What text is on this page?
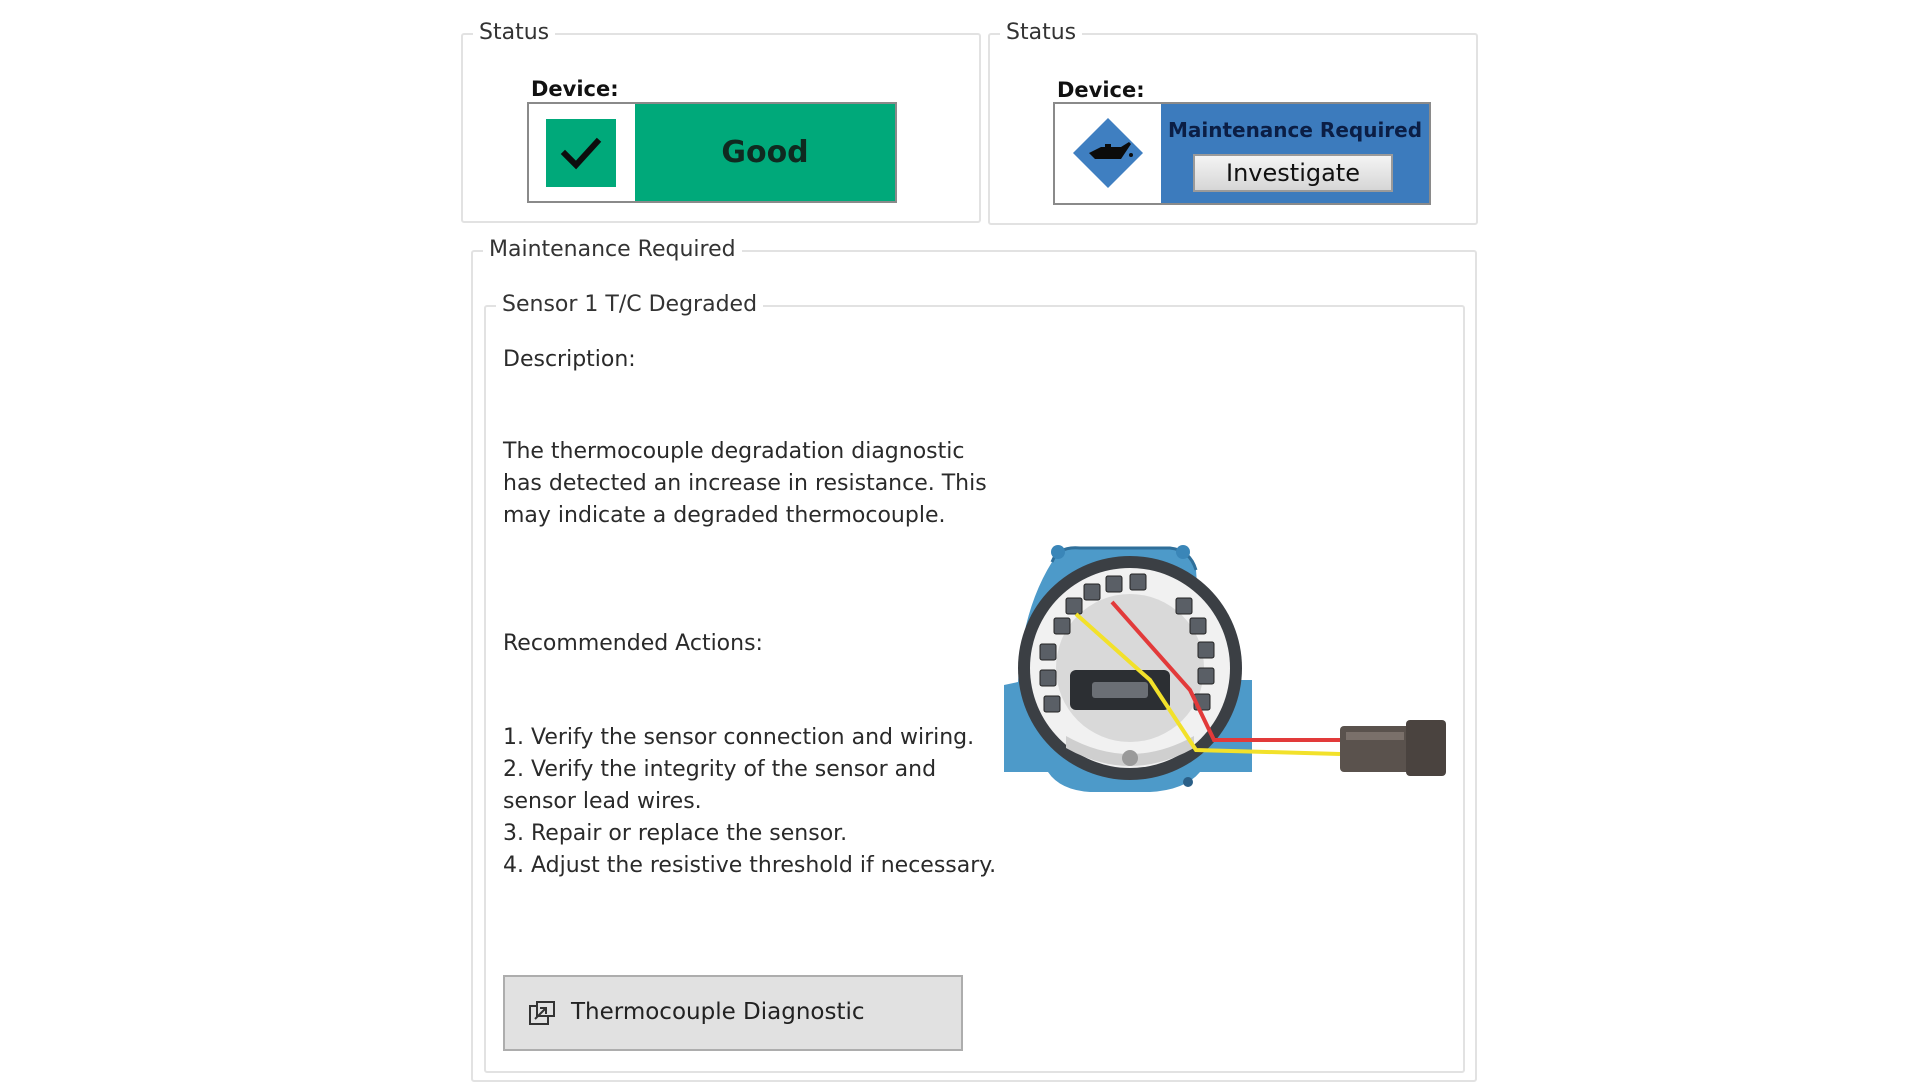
Status
Device:
Good
Status
Device:
Maintenance Required
Investigate
Maintenance Required
Sensor 1 T/C Degraded

Description:

The thermocouple degradation diagnostic
has detected an increase in resistance. This
may indicate a degraded thermocouple.

Recommended Actions:

1. Verify the sensor connection and wiring.

2. Verify the integrity of the sensor and
sensor lead wires.

3. Repair or replace the sensor.

4. Adjust the resistive threshold if necessary.

Thermocouple Diagnostic
